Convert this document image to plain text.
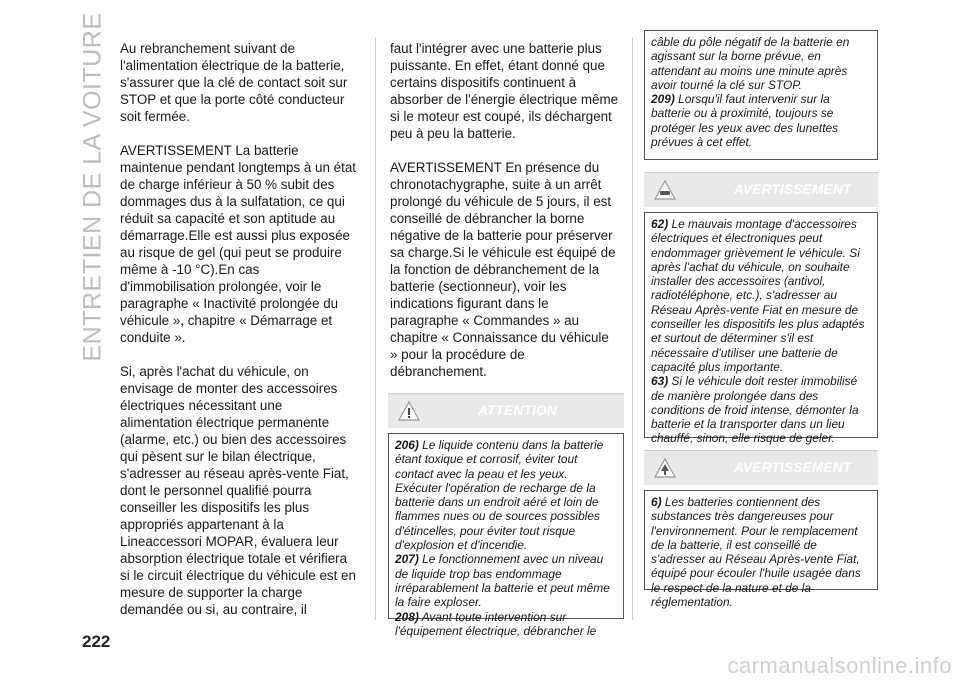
ENTRETIEN DE LA VOITURE
222

Au rebranchement suivant de l'alimentation électrique de la batterie, s'assurer que la clé de contact soit sur STOP et que la porte côté conducteur soit fermée.

AVERTISSEMENT La batterie maintenue pendant longtemps à un état de charge inférieur à 50 % subit des dommages dus à la sulfatation, ce qui réduit sa capacité et son aptitude au démarrage.Elle est aussi plus exposée au risque de gel (qui peut se produire même à -10 °C).En cas d'immobilisation prolongée, voir le paragraphe « Inactivité prolongée du véhicule », chapitre « Démarrage et conduite ».

Si, après l'achat du véhicule, on envisage de monter des accessoires électriques nécessitant une alimentation électrique permanente (alarme, etc.) ou bien des accessoires qui pèsent sur le bilan électrique, s'adresser au réseau après-vente Fiat, dont le personnel qualifié pourra conseiller les dispositifs les plus appropriés appartenant à la Lineaccessori MOPAR, évaluera leur absorption électrique totale et vérifiera si le circuit électrique du véhicule est en mesure de supporter la charge demandée ou si, au contraire, il

faut l'intégrer avec une batterie plus puissante. En effet, étant donné que certains dispositifs continuent à absorber de l'énergie électrique même si le moteur est coupé, ils déchargent peu à peu la batterie.

AVERTISSEMENT En présence du chronotachygraphe, suite à un arrêt prolongé du véhicule de 5 jours, il est conseillé de débrancher la borne négative de la batterie pour préserver sa charge.Si le véhicule est équipé de la fonction de débranchement de la batterie (sectionneur), voir les indications figurant dans le paragraphe « Commandes » au chapitre « Connaissance du véhicule » pour la procédure de débranchement.

ATTENTION

206) Le liquide contenu dans la batterie étant toxique et corrosif, éviter tout contact avec la peau et les yeux. Exécuter l'opération de recharge de la batterie dans un endroit aéré et loin de flammes nues ou de sources possibles d'étincelles, pour éviter tout risque d'explosion et d'incendie.

207) Le fonctionnement avec un niveau de liquide trop bas endommage irréparablement la batterie et peut même la faire exploser.

208) Avant toute intervention sur l'équipement électrique, débrancher le

câble du pôle négatif de la batterie en agissant sur la borne prévue, en attendant au moins une minute après avoir tourné la clé sur STOP.

209) Lorsqu'il faut intervenir sur la batterie ou à proximité, toujours se protéger les yeux avec des lunettes prévues à cet effet.

AVERTISSEMENT

62) Le mauvais montage d'accessoires électriques et électroniques peut endommager grièvement le véhicule. Si après l'achat du véhicule, on souhaite installer des accessoires (antivol, radiotéléphone, etc.), s'adresser au Réseau Après-vente Fiat en mesure de conseiller les dispositifs les plus adaptés et surtout de déterminer s'il est nécessaire d'utiliser une batterie de capacité plus importante.

63) Si le véhicule doit rester immobilisé de manière prolongée dans des conditions de froid intense, démonter la batterie et la transporter dans un lieu chauffé, sinon, elle risque de geler.

AVERTISSEMENT

6) Les batteries contiennent des substances très dangereuses pour l'environnement. Pour le remplacement de la batterie, il est conseillé de s'adresser au Réseau Après-vente Fiat, équipé pour écouler l'huile usagée dans le respect de la nature et de la réglementation.

carmanualsonline.info
